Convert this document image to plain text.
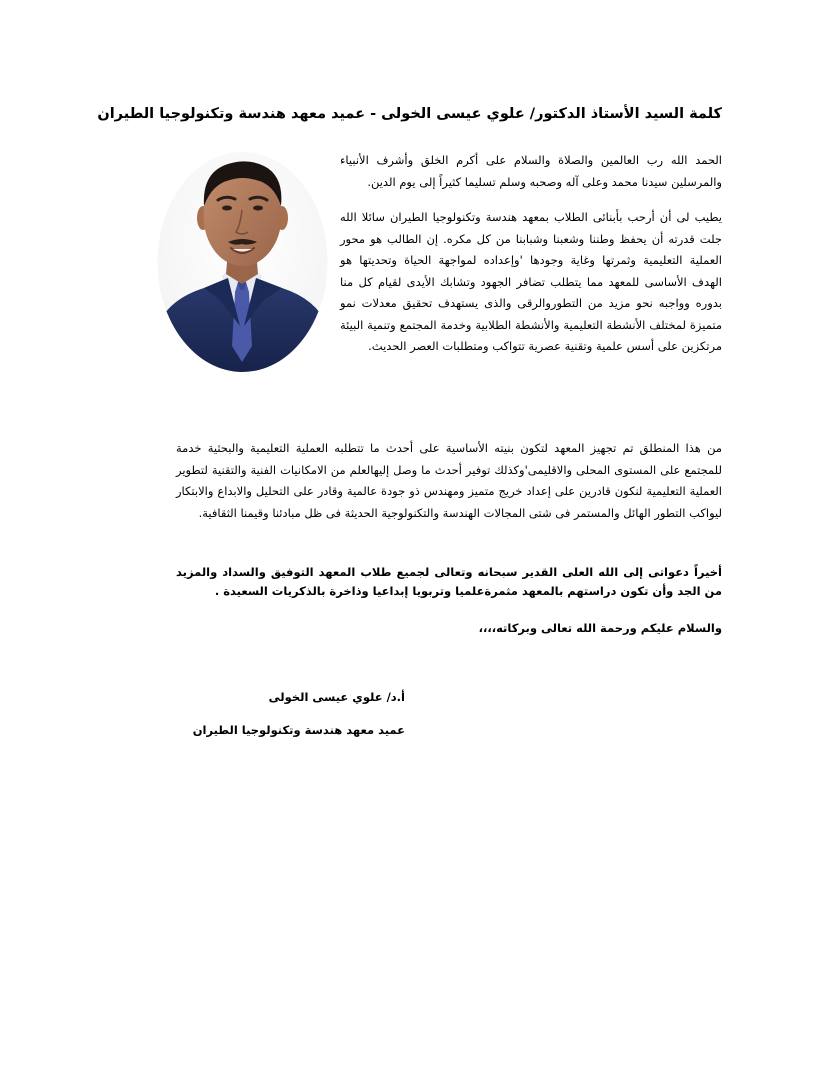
كلمة السيد الأستاذ الدكتور/ علوي عيسى الخولى - عميد معهد هندسة وتكنولوجيا الطيران

الحمد الله رب العالمين والصلاة والسلام على أكرم الخلق وأشرف الأنبياء والمرسلين سيدنا محمد وعلى آله وصحبه وسلم تسليما كثيراً إلى يوم الدين.

يطيب لى أن أرحب بأبنائى الطلاب بمعهد هندسة وتكنولوجيا الطيران سائلا الله جلت قدرته أن يحفظ وطننا وشعبنا وشبابنا من كل مكره. إن الطالب هو محور العملية التعليمية وثمرتها وغاية وجودها 'وإعداده لمواجهة الحياة وتحديتها هو الهدف الأساسى للمعهد مما يتطلب تضافر الجهود وتشابك الأيدى لقيام كل منا بدوره وواجبه نحو مزيد من التطوروالرقى والذى يستهدف تحقيق معدلات نمو متميزة لمختلف الأنشطة التعليمية والأنشطة الطلابية وخدمة المجتمع وتنمية البيئة مرتكزين على أسس علمية وتقنية عصرية تتواكب ومتطلبات العصر الحديث.

من هذا المنطلق تم تجهيز المعهد لتكون بنيته الأساسية على أحدث ما تتطلبه العملية التعليمية والبحثية خدمة للمجتمع على المستوى المحلى والاقليمى'وكذلك توفير أحدث ما وصل إليهالعلم من الامكانيات الفنية والتقنية لتطوير العملية التعليمية لنكون قادرين على إعداد خريج متميز ومهندس ذو جودة عالمية وقادر على التحليل والابداع والابتكار ليواكب التطور الهائل والمستمر فى شتى المجالات الهندسة والتكنولوجية الحديثة فى ظل مبادئنا وقيمنا الثقافية.

أخيراً دعواتى إلى الله العلى القدير سبحانه وتعالى لجميع طلاب المعهد التوفيق والسداد والمزيد من الجد وأن تكون دراستهم بالمعهد مثمرةعلميا وتربويا إبداعيا وذاخرة بالذكريات السعيدة .

والسلام عليكم ورحمة الله تعالى وبركاته،،،،

أ.د/ علوي عيسى الخولى

عميد معهد هندسة وتكنولوجيا الطيران
